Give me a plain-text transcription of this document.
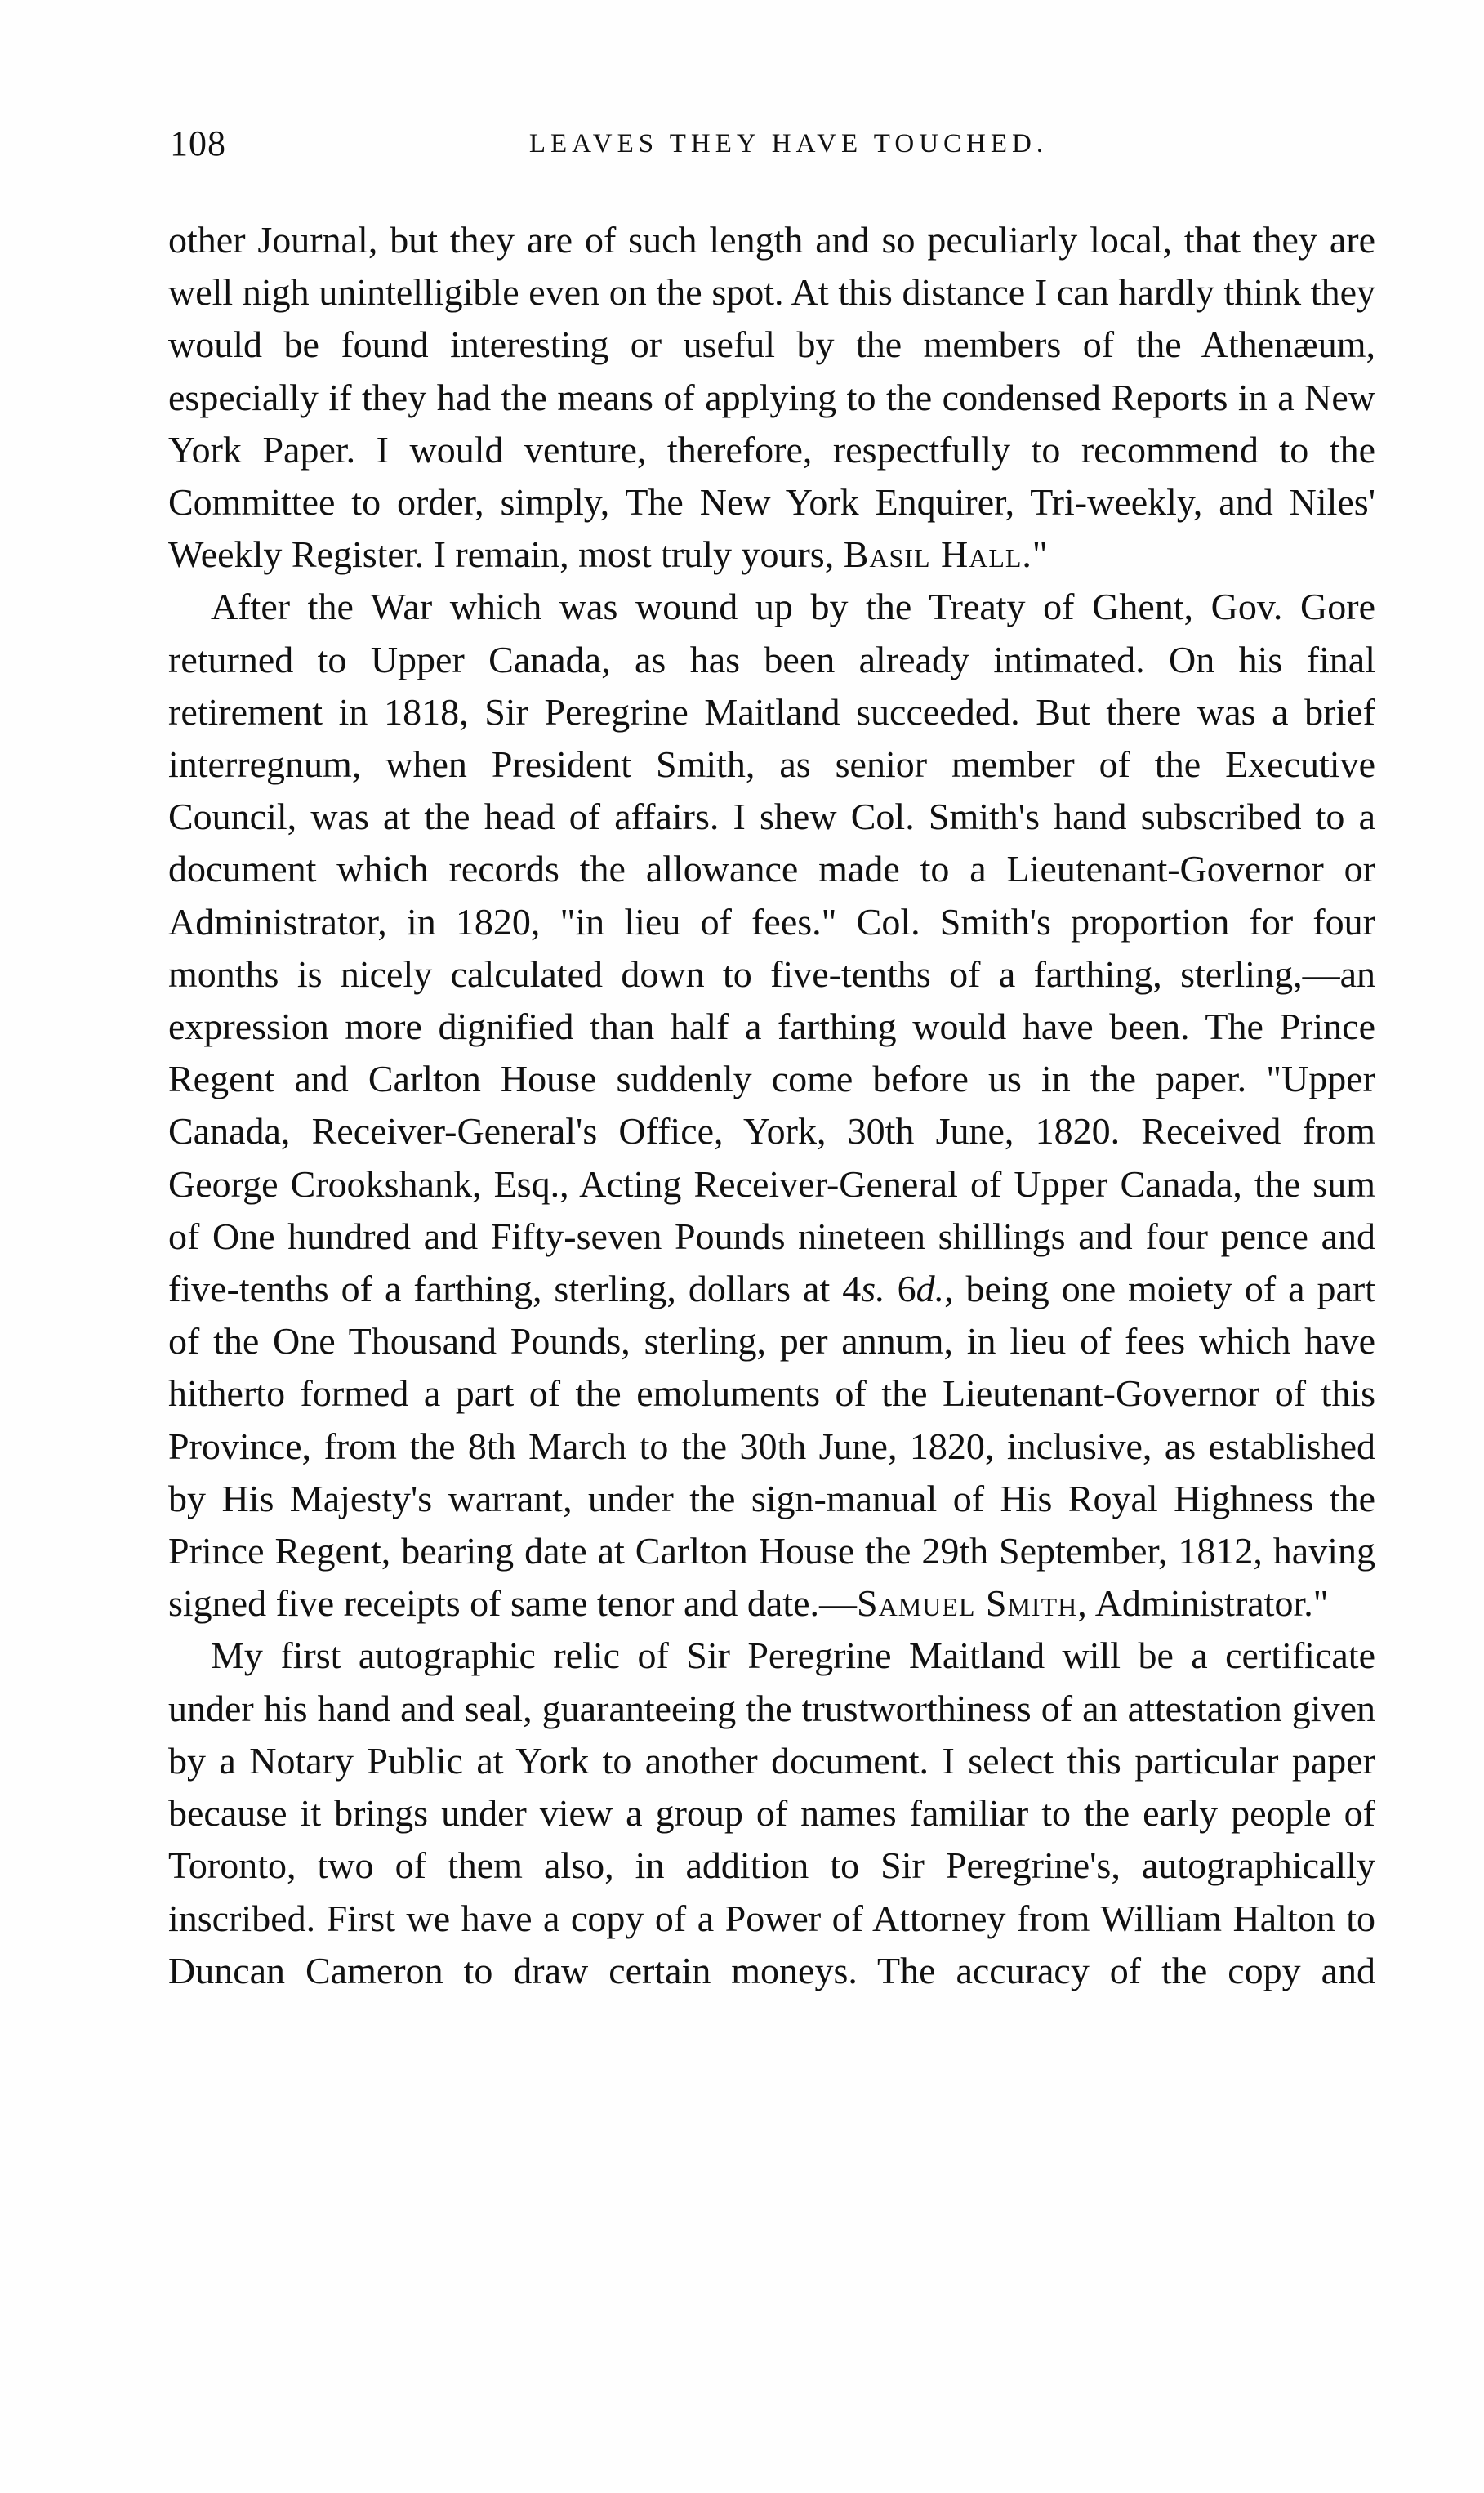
108	LEAVES THEY HAVE TOUCHED.

other Journal, but they are of such length and so peculiarly local, that they are well nigh unintelligible even on the spot. At this distance I can hardly think they would be found interesting or useful by the members of the Athenæum, especially if they had the means of applying to the condensed Reports in a New York Paper. I would venture, therefore, respectfully to recommend to the Committee to order, simply, The New York Enquirer, Tri-weekly, and Niles' Weekly Register. I remain, most truly yours, Basil Hall."

After the War which was wound up by the Treaty of Ghent, Gov. Gore returned to Upper Canada, as has been already intimated. On his final retirement in 1818, Sir Peregrine Maitland succeeded. But there was a brief interregnum, when President Smith, as senior member of the Executive Council, was at the head of affairs. I shew Col. Smith's hand subscribed to a document which records the allowance made to a Lieutenant-Governor or Administrator, in 1820, "in lieu of fees." Col. Smith's proportion for four months is nicely calculated down to five-tenths of a farthing, sterling,—an expression more dignified than half a farthing would have been. The Prince Regent and Carlton House suddenly come before us in the paper. "Upper Canada, Receiver-General's Office, York, 30th June, 1820. Received from George Crookshank, Esq., Acting Receiver-General of Upper Canada, the sum of One hundred and Fifty-seven Pounds nineteen shillings and four pence and five-tenths of a farthing, sterling, dollars at 4s. 6d., being one moiety of a part of the One Thousand Pounds, sterling, per annum, in lieu of fees which have hitherto formed a part of the emoluments of the Lieutenant-Governor of this Province, from the 8th March to the 30th June, 1820, inclusive, as established by His Majesty's warrant, under the sign-manual of His Royal Highness the Prince Regent, bearing date at Carlton House the 29th September, 1812, having signed five receipts of same tenor and date.—Samuel Smith, Administrator."

My first autographic relic of Sir Peregrine Maitland will be a certificate under his hand and seal, guaranteeing the trustworthiness of an attestation given by a Notary Public at York to another document. I select this particular paper because it brings under view a group of names familiar to the early people of Toronto, two of them also, in addition to Sir Peregrine's, autographically inscribed. First we have a copy of a Power of Attorney from William Halton to Duncan Cameron to draw certain moneys. The accuracy of the copy and
